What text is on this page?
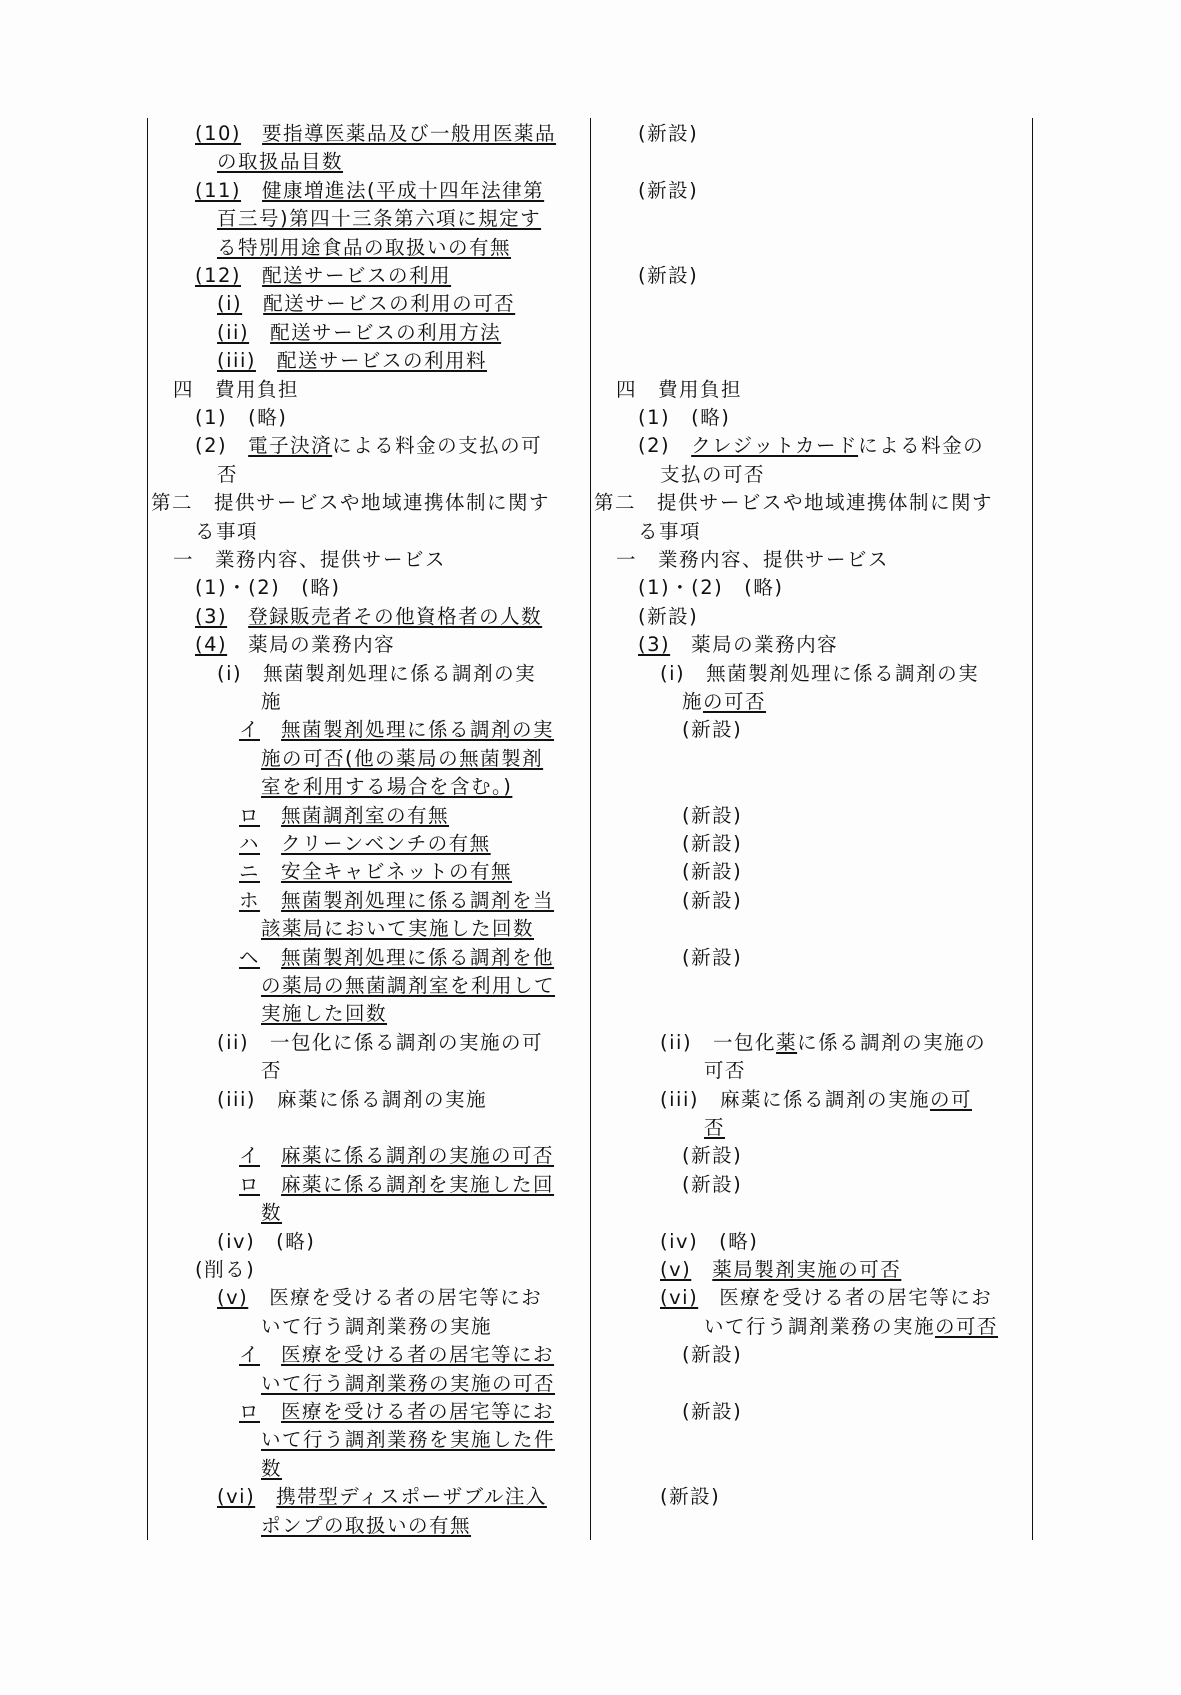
(10)　 要指導医薬品及び一般用医薬品
の取扱品目数
(11)　 健康増進法(平成十四年法律第
百三号)第四十三条第六項に規定す
る特別用途食品の取扱いの有無
(12)　 配送サービスの利用
(i)　 配送サービスの利用の可否
(ii)　 配送サービスの利用方法
(iii)　 配送サービスの利用料
四　費用負担
(1)　(略)
(2)　電子決済による料金の支払の可
否
第二　提供サービスや地域連携体制に関す
る事項
一　業務内容、提供サービス
(1)・(2)　(略)
(3)　 登録販売者その他資格者の人数
(4)　薬局の業務内容
(i)　無菌製剤処理に係る調剤の実
施
イ　 無菌製剤処理に係る調剤の実
施の可否(他の薬局の無菌製剤
室を利用する場合を含む。)
ロ　 無菌調剤室の有無
ハ　 クリーンベンチの有無
ニ　 安全キャビネットの有無
ホ　 無菌製剤処理に係る調剤を当
該薬局において実施した回数
ヘ　 無菌製剤処理に係る調剤を他
の薬局の無菌調剤室を利用して
実施した回数
(ii)　一包化に係る調剤の実施の可
否
(iii)　麻薬に係る調剤の実施
イ　 麻薬に係る調剤の実施の可否
ロ　 麻薬に係る調剤を実施した回
数
(iv)　(略)
(削る)
(v)　医療を受ける者の居宅等にお
いて行う調剤業務の実施
イ　 医療を受ける者の居宅等にお
いて行う調剤業務の実施の可否
ロ　 医療を受ける者の居宅等にお
いて行う調剤業務を実施した件
数
(vi)　 携帯型ディスポーザブル注入
ポンプの取扱いの有無
(新設)
(新設)
(新設)
四　費用負担
(1)　(略)
(2)　クレジットカードによる料金の
支払の可否
第二　提供サービスや地域連携体制に関す
る事項
一　業務内容、提供サービス
(1)・(2)　(略)
(新設)
(3)　薬局の業務内容
(i)　無菌製剤処理に係る調剤の実
施の可否
(新設)
(新設)
(新設)
(新設)
(新設)
(新設)
(ii)　一包化薬に係る調剤の実施の
可否
(iii)　麻薬に係る調剤の実施の可
否
(新設)
(新設)
(iv)　(略)
(v)　 薬局製剤実施の可否
(vi)　医療を受ける者の居宅等にお
いて行う調剤業務の実施の可否
(新設)
(新設)
(新設)
